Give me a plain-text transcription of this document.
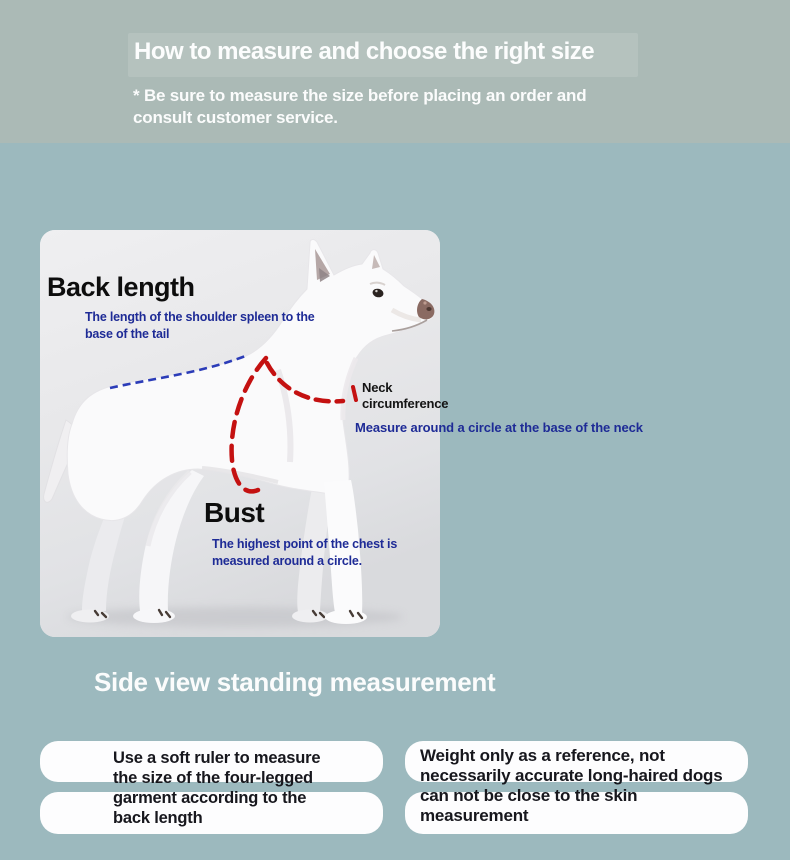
How to measure and choose the right size

* Be sure to measure the size before placing an order and consult customer service.

Back length
The length of the shoulder spleen to the base of the tail
Neck circumference
Measure around a circle at the base of the neck
Bust
The highest point of the chest is measured around a circle.
Side view standing measurement

Use a soft ruler to measure the size of the four-legged garment according to the back length

Weight only as a reference, not necessarily accurate long-haired dogs can not be close to the skin measurement
